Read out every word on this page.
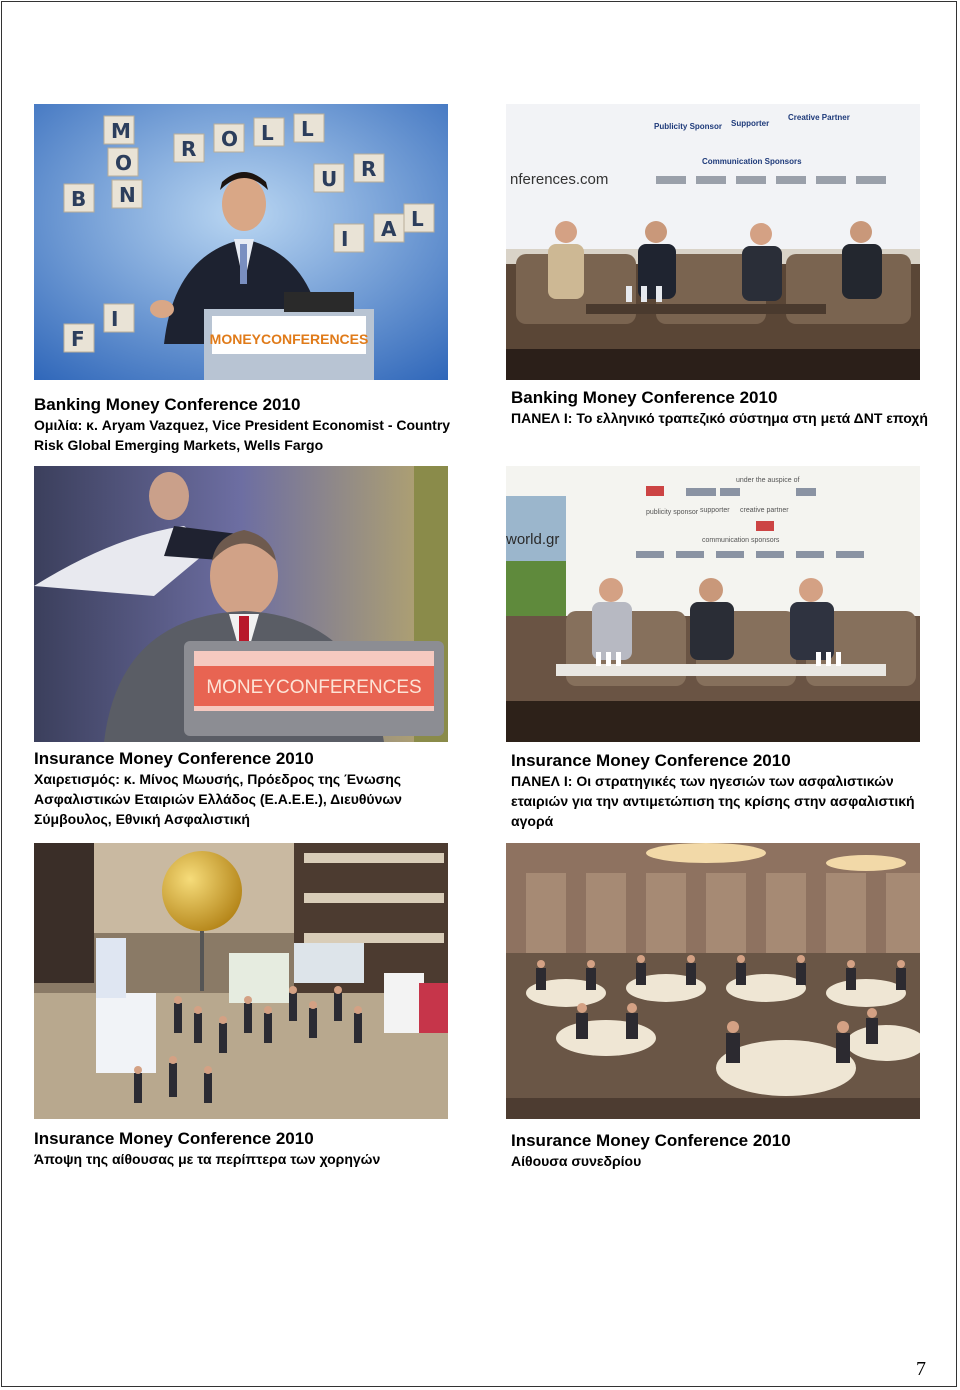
M
O
N
B
R O L L
U R
I A L
F
I
MONEYCONFERENCES
Publicity Sponsor Supporter
Creative Partner
Communication Sponsors
nferences.com
Banking Money Conference 2010
Ομιλία: κ. Aryam Vazquez, Vice President Economist - Country
Risk Global Emerging Markets, Wells Fargo
Banking Money Conference 2010
ΠΑΝΕΛ Ι: Το ελληνικό τραπεζικό σύστημα στη μετά ΔΝΤ εποχή
MONEYCONFERENCES
world.gr
under the auspice of
publicity sponsor supporter creative partner
communication sponsors
Insurance Money Conference 2010
Χαιρετισμός: κ. Μίνος Μωυσής, Πρόεδρος της Ένωσης
Ασφαλιστικών Εταιριών Ελλάδος (Ε.Α.Ε.Ε.), Διευθύνων
Σύμβουλος, Εθνική Ασφαλιστική
Insurance Money Conference 2010
ΠΑΝΕΛ Ι: Οι στρατηγικές των ηγεσιών των ασφαλιστικών
εταιριών για την αντιμετώπιση της κρίσης στην ασφαλιστική
αγορά
Insurance Money Conference 2010
Άποψη της αίθουσας με τα περίπτερα των χορηγών
Insurance Money Conference 2010
Αίθουσα συνεδρίου
7
